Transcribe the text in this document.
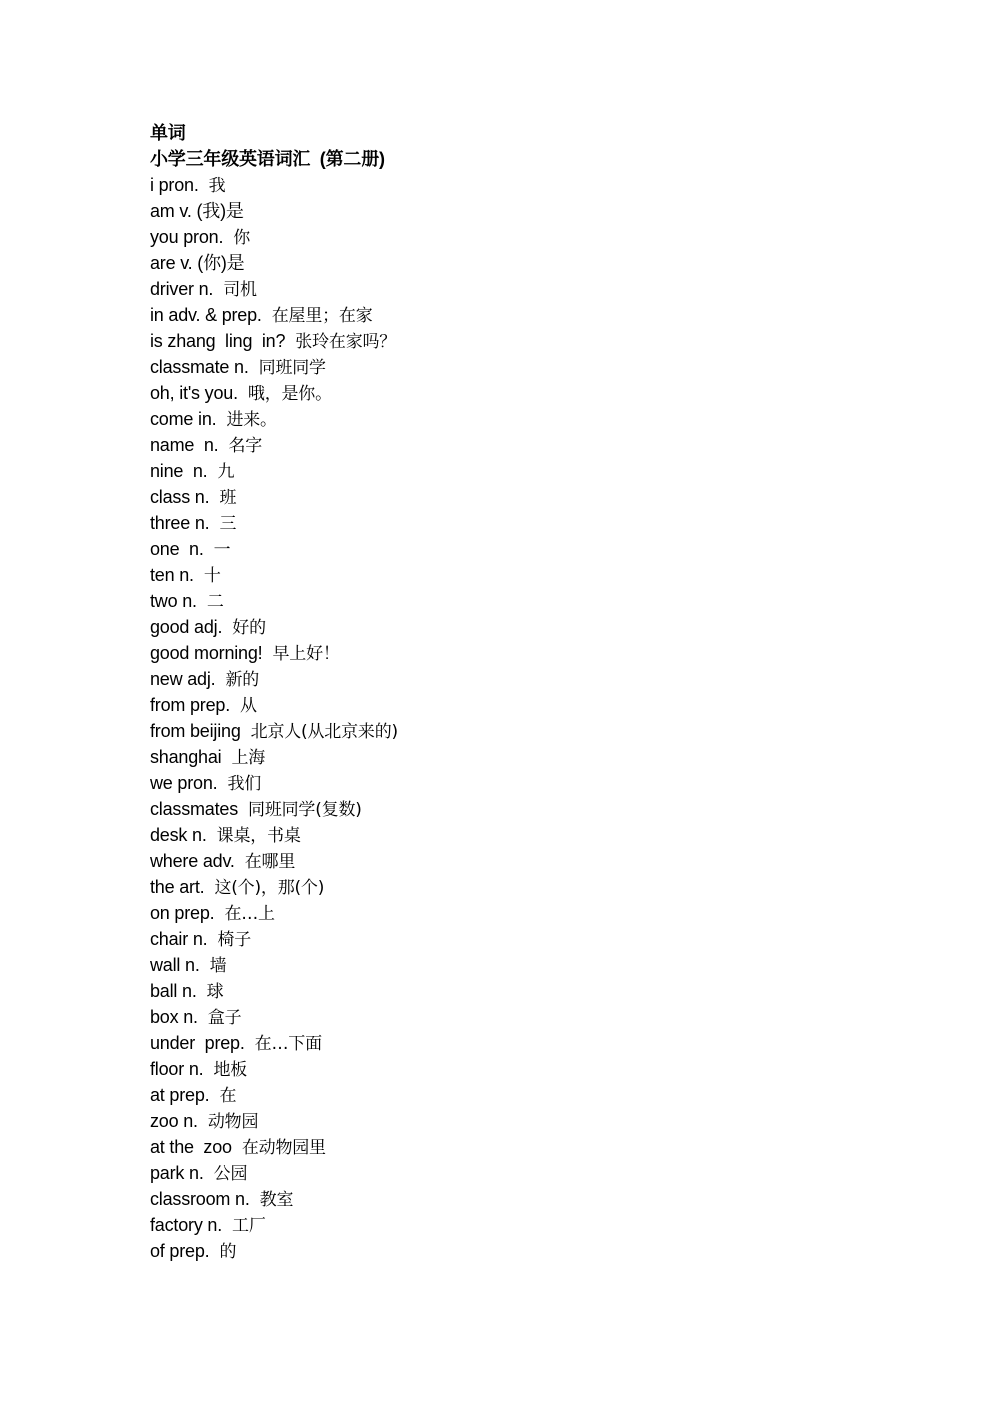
单词
小学三年级英语词汇  (第二册)
i pron. 我
am v. (我)是
you pron. 你
are v. (你)是
driver n. 司机
in adv. & prep. 在屋里；在家
is zhang  ling  in? 张玲在家吗？
classmate n. 同班同学
oh, it's you. 哦，是你。
come in. 进来。
name  n. 名字
nine  n. 九
class n. 班
three n. 三
one  n. 一
ten n. 十
two n. 二
good adj. 好的
good morning! 早上好！
new adj. 新的
from prep. 从
from beijing 北京人(从北京来的)
shanghai 上海
we pron. 我们
classmates 同班同学(复数)
desk n. 课桌，书桌
where adv. 在哪里
the art. 这(个)，那(个)
on prep. 在…上
chair n. 椅子
wall n. 墙
ball n. 球
box n. 盒子
under  prep. 在…下面
floor n. 地板
at prep. 在
zoo n. 动物园
at the  zoo 在动物园里
park n. 公园
classroom n. 教室
factory n. 工厂
of prep. 的
